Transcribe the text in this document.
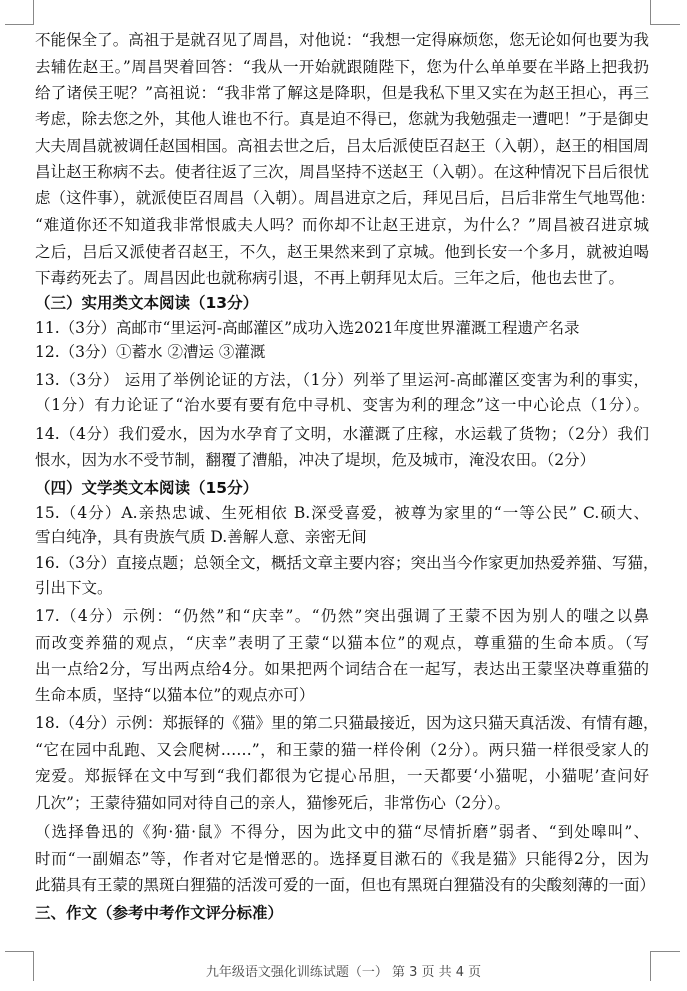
不能保全了。高祖于是就召见了周昌，对他说：“我想一定得麻烦您，您无论如何也要为我
去辅佐赵王。”周昌哭着回答：“我从一开始就跟随陛下，您为什么单单要在半路上把我扔
给了诸侯王呢？”高祖说：“我非常了解这是降职，但是我私下里又实在为赵王担心，再三
考虑，除去您之外，其他人谁也不行。真是迫不得已，您就为我勉强走一遭吧！”于是御史
大夫周昌就被调任赵国相国。高祖去世之后，吕太后派使臣召赵王（入朝），赵王的相国周
昌让赵王称病不去。使者往返了三次，周昌坚持不送赵王（入朝）。在这种情况下吕后很忧
虑（这件事），就派使臣召周昌（入朝）。周昌进京之后，拜见吕后，吕后非常生气地骂他：
“难道你还不知道我非常恨戚夫人吗？而你却不让赵王进京，为什么？”周昌被召进京城
之后，吕后又派使者召赵王，不久，赵王果然来到了京城。他到长安一个多月，就被迫喝
下毒药死去了。周昌因此也就称病引退，不再上朝拜见太后。三年之后，他也去世了。
（三）实用类文本阅读（13分）
11.（3分）高邮市“里运河-高邮灌区”成功入选2021年度世界灌溉工程遗产名录
12.（3分）①蓄水 ②漕运 ③灌溉
13.（3分） 运用了举例论证的方法，（1分）列举了里运河-高邮灌区变害为利的事实，
（1分）有力论证了“治水要有要有危中寻机、变害为利的理念”这一中心论点（1分）。
14.（4分）我们爱水，因为水孕育了文明，水灌溉了庄稼，水运载了货物；（2分）我们
恨水，因为水不受节制，翻覆了漕船，冲决了堤坝，危及城市，淹没农田。（2分）
（四）文学类文本阅读（15分）
15.（4分）A.亲热忠诚、生死相依 B.深受喜爱，被尊为家里的“一等公民” C.硕大、
雪白纯净，具有贵族气质 D.善解人意、亲密无间
16.（3分）直接点题；总领全文，概括文章主要内容；突出当今作家更加热爱养猫、写猫，
引出下文。
17.（4分）示例：“仍然”和“庆幸”。“仍然”突出强调了王蒙不因为别人的嗤之以鼻
而改变养猫的观点，“庆幸”表明了王蒙“以猫本位”的观点，尊重猫的生命本质。（写
出一点给2分，写出两点给4分。如果把两个词结合在一起写，表达出王蒙坚决尊重猫的
生命本质，坚持“以猫本位”的观点亦可）
18.（4分）示例：郑振铎的《猫》里的第二只猫最接近，因为这只猫天真活泼、有情有趣，
“它在园中乱跑、又会爬树……”，和王蒙的猫一样伶俐（2分）。两只猫一样很受家人的
宠爱。郑振铎在文中写到“我们都很为它提心吊胆，一天都要‘小猫呢，小猫呢’查问好
几次”；王蒙待猫如同对待自己的亲人，猫惨死后，非常伤心（2分）。
（选择鲁迅的《狗·猫·鼠》不得分，因为此文中的猫“尽情折磨”弱者、“到处嗥叫”、
时而“一副媚态”等，作者对它是憎恶的。选择夏目漱石的《我是猫》只能得2分，因为
此猫具有王蒙的黑斑白狸猫的活泼可爱的一面，但也有黑斑白狸猫没有的尖酸刻薄的一面）
三、作文（参考中考作文评分标准）
九年级语文强化训练试题（一） 第 3 页 共 4 页
